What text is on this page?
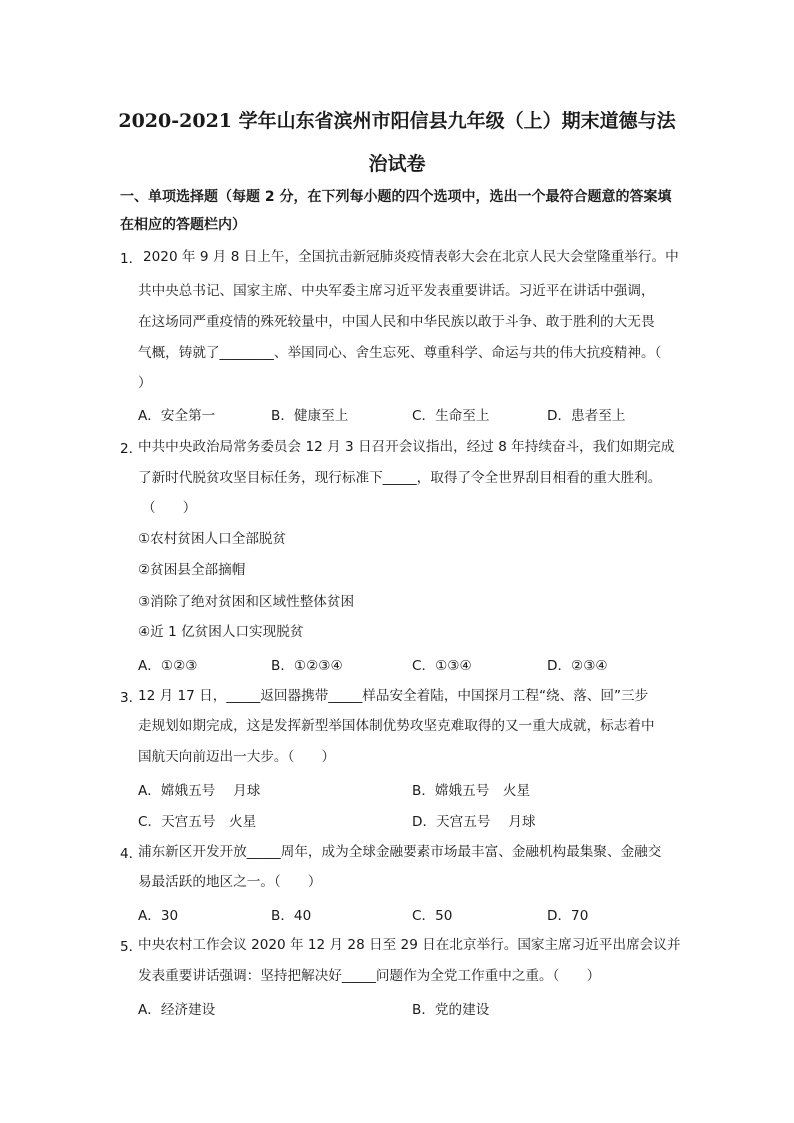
2020-2021 学年山东省滨州市阳信县九年级（上）期末道德与法
治试卷
一、单项选择题（每题 2 分，在下列每小题的四个选项中，选出一个最符合题意的答案填
在相应的答题栏内）
1． 2020 年 9 月 8 日上午，全国抗击新冠肺炎疫情表彰大会在北京人民大会堂隆重举行。中
共中央总书记、国家主席、中央军委主席习近平发表重要讲话。习近平在讲话中强调，
在这场同严重疫情的殊死较量中，中国人民和中华民族以敢于斗争、敢于胜利的大无畏
气概，铸就了________、举国同心、舍生忘死、尊重科学、命运与共的伟大抗疫精神。（
）
A．安全第一	B．健康至上	C．生命至上	D．患者至上
2．
中共中央政治局常务委员会 12 月 3 日召开会议指出，经过 8 年持续奋斗，我们如期完成
了新时代脱贫攻坚目标任务，现行标准下_____，取得了令全世界刮目相看的重大胜利。
（　　）
①农村贫困人口全部脱贫
②贫困县全部摘帽
③消除了绝对贫困和区域性整体贫困
④近 1 亿贫困人口实现脱贫
A．①②③	B．①②③④	C．①③④	D．②③④
3．
12 月 17 日，_____返回器携带_____样品安全着陆，中国探月工程“绕、落、回”三步
走规划如期完成，这是发挥新型举国体制优势攻坚克难取得的又一重大成就，标志着中
国航天向前迈出一大步。（　　）
A．嫦娥五号　 月球	B．嫦娥五号　火星
C．天宫五号　火星	D．天宫五号　 月球
4．
浦东新区开发开放_____周年，成为全球金融要素市场最丰富、金融机构最集聚、金融交
易最活跃的地区之一。（　　）
A．30	B．40	C．50	D．70
5．
中央农村工作会议 2020 年 12 月 28 日至 29 日在北京举行。国家主席习近平出席会议并
发表重要讲话强调：坚持把解决好_____问题作为全党工作重中之重。（　　）
A．经济建设	B．党的建设
